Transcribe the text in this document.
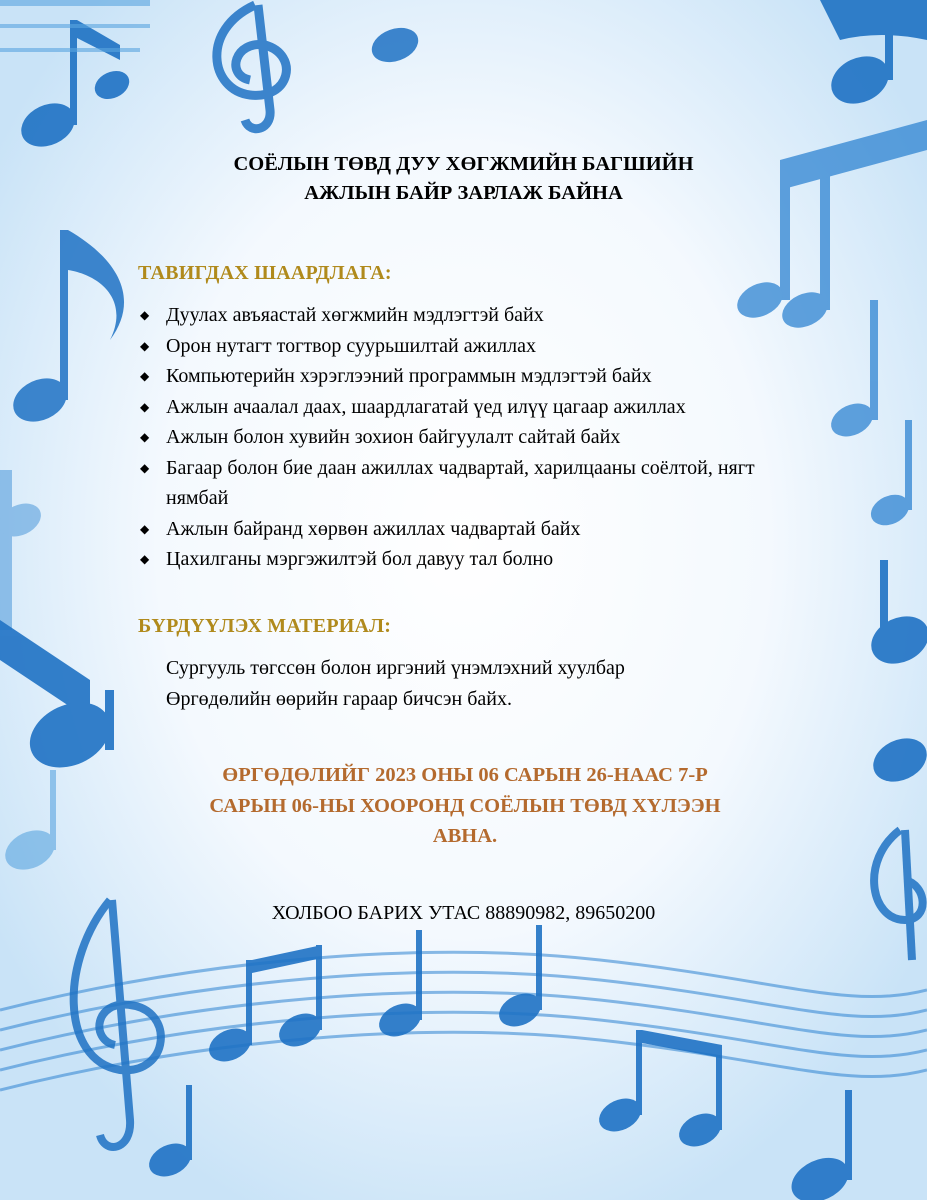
СОЁЛЫН ТӨВД ДУУ ХӨГЖМИЙН БАГШИЙН
АЖЛЫН БАЙР ЗАРЛАЖ БАЙНА
ТАВИГДАХ ШААРДЛАГА:
◆ Дуулах авъяастай хөгжмийн мэдлэгтэй байх
◆ Орон нутагт тогтвор суурьшилтай ажиллах
◆ Компьютерийн хэрэглээний программын мэдлэгтэй байх
◆ Ажлын ачаалал даах, шаардлагатай үед илүү цагаар ажиллах
◆ Ажлын болон хувийн зохион байгуулалт сайтай байх
◆ Багаар болон бие даан ажиллах чадвартай, харилцааны соёлтой, нягт нямбай
◆ Ажлын байранд хөрвөн ажиллах чадвартай байх
◆ Цахилганы мэргэжилтэй бол давуу тал болно
БҮРДҮҮЛЭХ МАТЕРИАЛ:
Сургууль төгссөн болон иргэний үнэмлэхний хуулбар
Өргөдөлийн өөрийн гараар бичсэн байх.
ӨРГӨДӨЛИЙГ 2023 ОНЫ 06 САРЫН 26-НААС 7-Р
САРЫН 06-НЫ ХООРОНД СОЁЛЫН ТӨВД ХҮЛЭЭН
АВНА.
ХОЛБОО БАРИХ УТАС 88890982, 89650200
